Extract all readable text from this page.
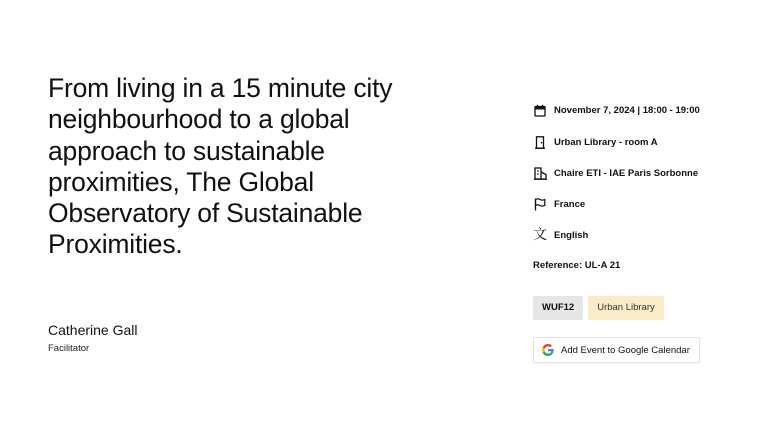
From living in a 15 minute city neighbourhood to a global approach to sustainable proximities, The Global Observatory of Sustainable Proximities.
Catherine Gall
Facilitator
November 7, 2024 | 18:00 - 19:00
Urban Library - room A
Chaire ETI - IAE Paris Sorbonne
France
文 English
Reference: UL-A 21
WUF12	Urban Library
Add Event to Google Calendar
